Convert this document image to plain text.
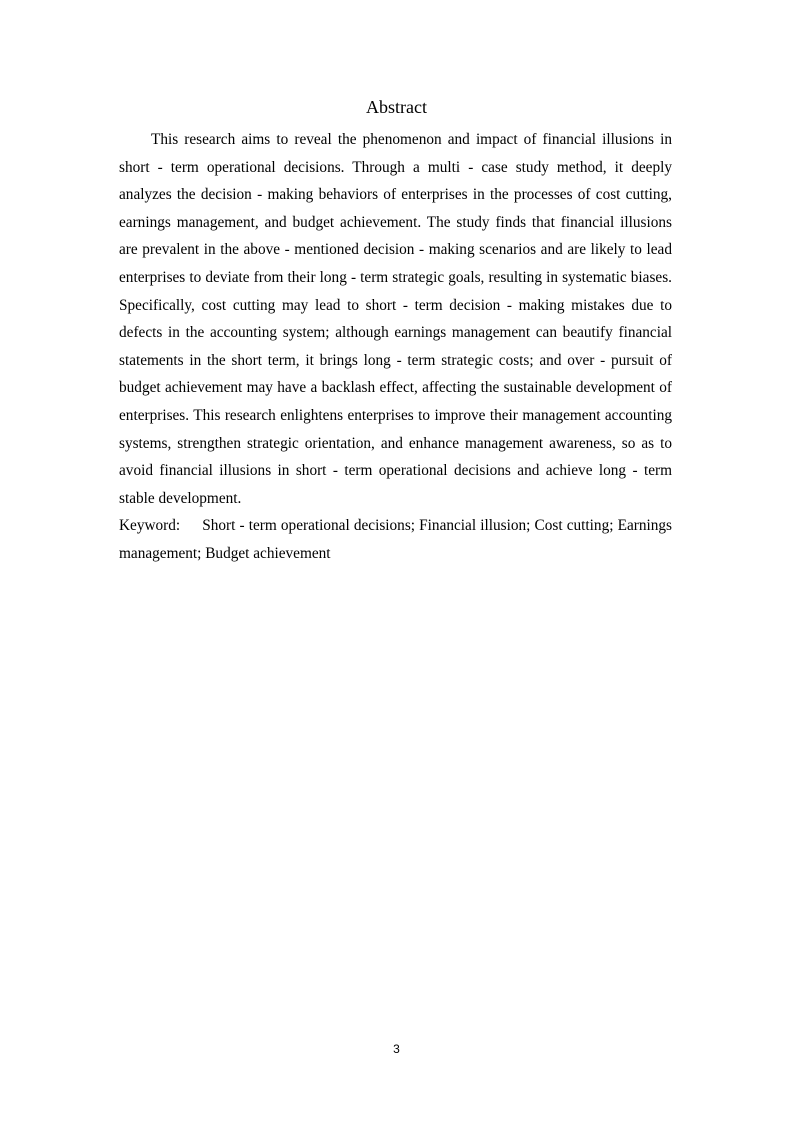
Abstract

This research aims to reveal the phenomenon and impact of financial illusions in short - term operational decisions. Through a multi - case study method, it deeply analyzes the decision - making behaviors of enterprises in the processes of cost cutting, earnings management, and budget achievement. The study finds that financial illusions are prevalent in the above - mentioned decision - making scenarios and are likely to lead enterprises to deviate from their long - term strategic goals, resulting in systematic biases. Specifically, cost cutting may lead to short - term decision - making mistakes due to defects in the accounting system; although earnings management can beautify financial statements in the short term, it brings long - term strategic costs; and over - pursuit of budget achievement may have a backlash effect, affecting the sustainable development of enterprises. This research enlightens enterprises to improve their management accounting systems, strengthen strategic orientation, and enhance management awareness, so as to avoid financial illusions in short - term operational decisions and achieve long - term stable development.

Keyword: Short - term operational decisions; Financial illusion; Cost cutting; Earnings management; Budget achievement

3
